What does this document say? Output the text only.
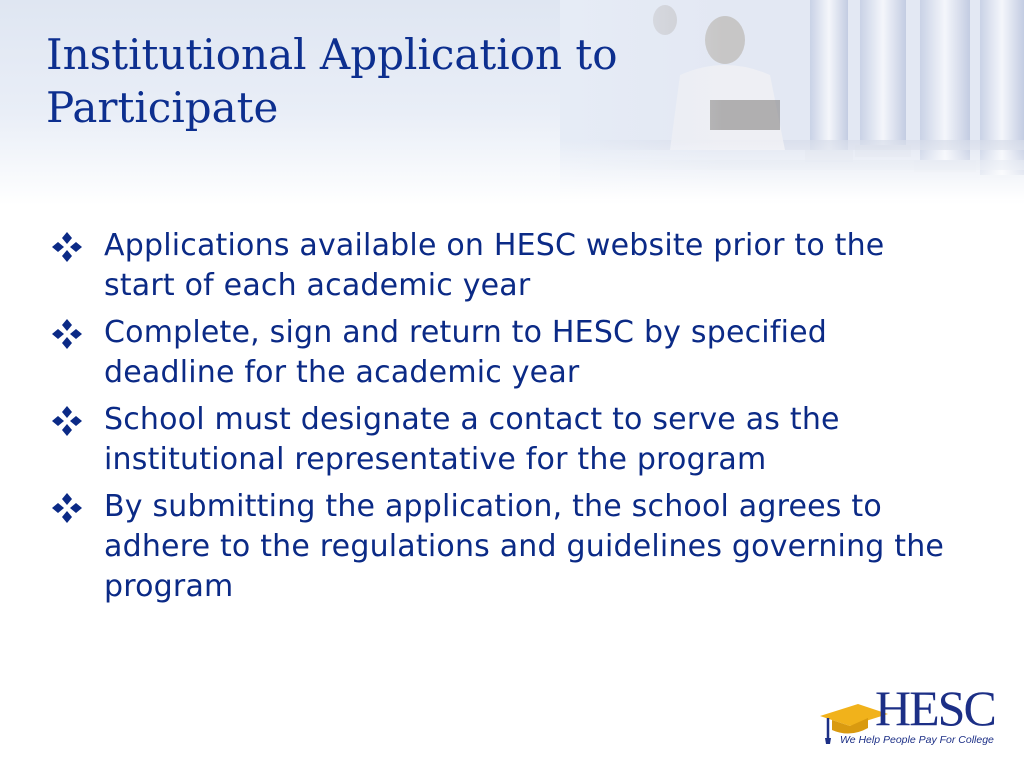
Institutional Application to Participate
Applications available on HESC website prior to the start of each academic year
Complete, sign and return to HESC by specified deadline for the academic year
School must designate a contact to serve as the institutional representative for the program
By submitting the application, the school agrees to adhere to the regulations and guidelines governing the program
HESC
We Help People Pay For College
